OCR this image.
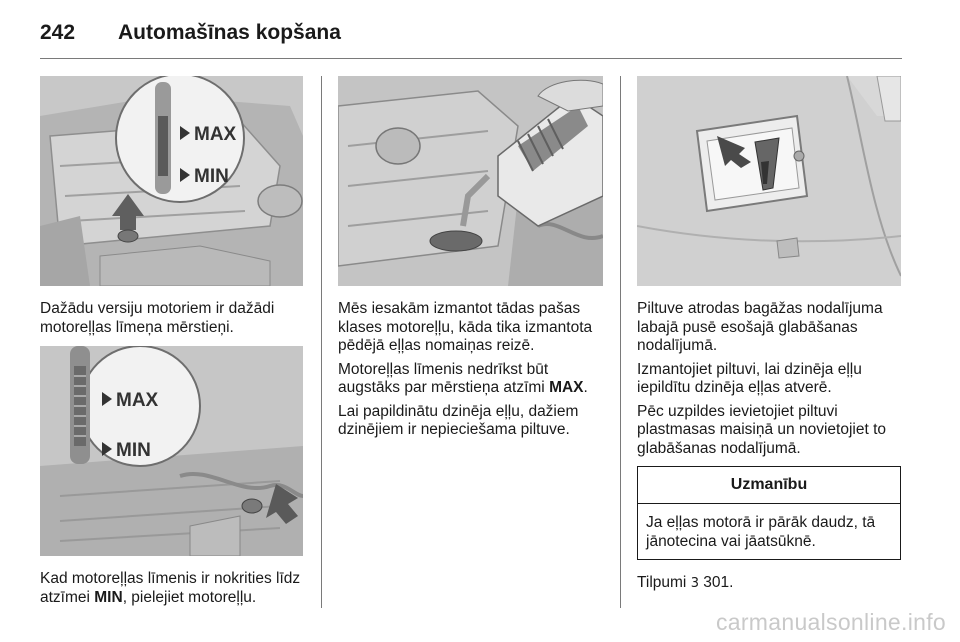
242	Automašīnas kopšana
MAX
MIN

Dažādu versiju motoriem ir dažādi motoreļļas līmeņa mērstieņi.

MAX
MIN

Kad motoreļļas līmenis ir nokrities līdz atzīmei MIN, pielejiet motoreļļu.

Mēs iesakām izmantot tādas pašas klases motoreļļu, kāda tika izmantota pēdējā eļļas nomaiņas reizē.

Motoreļļas līmenis nedrīkst būt augstāks par mērstieņa atzīmi MAX.

Lai papildinātu dzinēja eļļu, dažiem dzinējiem ir nepieciešama piltuve.

Piltuve atrodas bagāžas nodalījuma labajā pusē esošajā glabāšanas nodalījumā.

Izmantojiet piltuvi, lai dzinēja eļļu iepildītu dzinēja eļļas atverē.

Pēc uzpildes ievietojiet piltuvi plastmasas maisiņā un novietojiet to glabāšanas nodalījumā.

Uzmanību
Ja eļļas motorā ir pārāk daudz, tā jānotecina vai jāatsūknē.

Tilpumi 3 301.

carmanualsonline.info
